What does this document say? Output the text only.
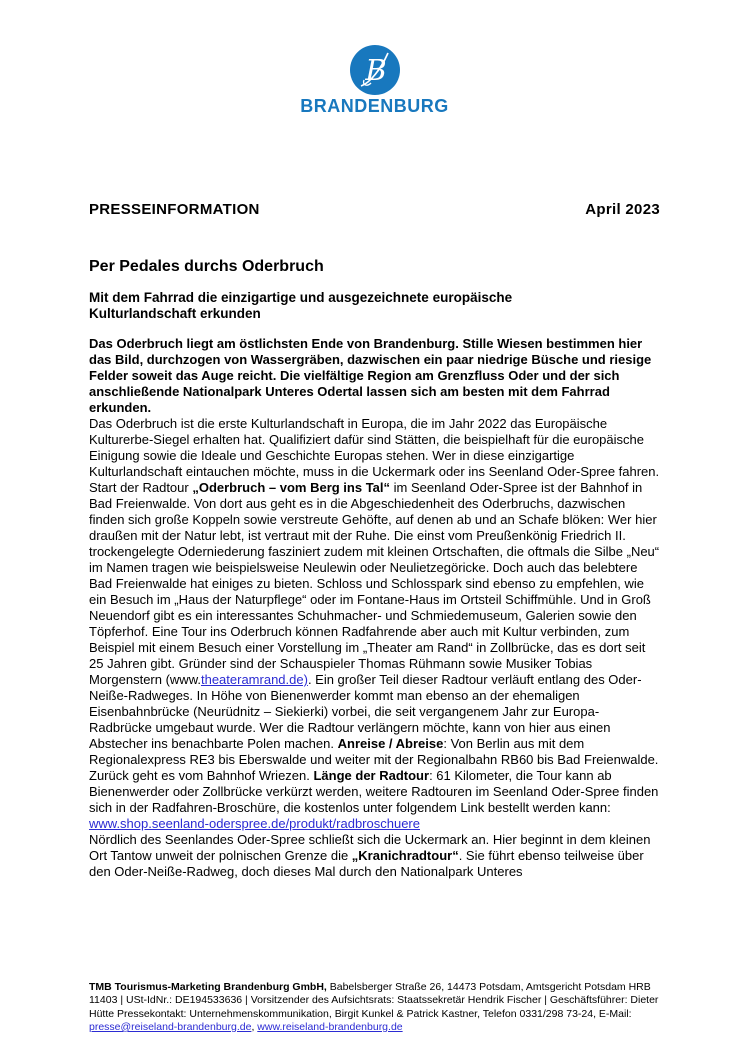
B
BRANDENBURG
PRESSEINFORMATION	April 2023
Per Pedales durchs Oderbruch
Mit dem Fahrrad die einzigartige und ausgezeichnete europäische Kulturlandschaft erkunden

Das Oderbruch liegt am östlichsten Ende von Brandenburg. Stille Wiesen bestimmen hier das Bild, durchzogen von Wassergräben, dazwischen ein paar niedrige Büsche und riesige Felder soweit das Auge reicht. Die vielfältige Region am Grenzfluss Oder und der sich anschließende Nationalpark Unteres Odertal lassen sich am besten mit dem Fahrrad erkunden.

Das Oderbruch ist die erste Kulturlandschaft in Europa, die im Jahr 2022 das Europäische Kulturerbe-Siegel erhalten hat. Qualifiziert dafür sind Stätten, die beispielhaft für die europäische Einigung sowie die Ideale und Geschichte Europas stehen. Wer in diese einzigartige Kulturlandschaft eintauchen möchte, muss in die Uckermark oder ins Seenland Oder-Spree fahren.

Start der Radtour „Oderbruch – vom Berg ins Tal“ im Seenland Oder-Spree ist der Bahnhof in Bad Freienwalde. Von dort aus geht es in die Abgeschiedenheit des Oderbruchs, dazwischen finden sich große Koppeln sowie verstreute Gehöfte, auf denen ab und an Schafe blöken: Wer hier draußen mit der Natur lebt, ist vertraut mit der Ruhe. Die einst vom Preußenkönig Friedrich II. trockengelegte Oderniederung fasziniert zudem mit kleinen Ortschaften, die oftmals die Silbe „Neu“ im Namen tragen wie beispielsweise Neulewin oder Neulietzegöricke. Doch auch das belebtere Bad Freienwalde hat einiges zu bieten. Schloss und Schlosspark sind ebenso zu empfehlen, wie ein Besuch im „Haus der Naturpflege“ oder im Fontane-Haus im Ortsteil Schiffmühle. Und in Groß Neuendorf gibt es ein interessantes Schuhmacher- und Schmiedemuseum, Galerien sowie den Töpferhof. Eine Tour ins Oderbruch können Radfahrende aber auch mit Kultur verbinden, zum Beispiel mit einem Besuch einer Vorstellung im „Theater am Rand“ in Zollbrücke, das es dort seit 25 Jahren gibt. Gründer sind der Schauspieler Thomas Rühmann sowie Musiker Tobias Morgenstern (www.theateramrand.de). Ein großer Teil dieser Radtour verläuft entlang des Oder-Neiße-Radweges. In Höhe von Bienenwerder kommt man ebenso an der ehemaligen Eisenbahnbrücke (Neurüdnitz – Siekierki) vorbei, die seit vergangenem Jahr zur Europa-Radbrücke umgebaut wurde. Wer die Radtour verlängern möchte, kann von hier aus einen Abstecher ins benachbarte Polen machen. Anreise / Abreise: Von Berlin aus mit dem Regionalexpress RE3 bis Eberswalde und weiter mit der Regionalbahn RB60 bis Bad Freienwalde. Zurück geht es vom Bahnhof Wriezen. Länge der Radtour: 61 Kilometer, die Tour kann ab Bienenwerder oder Zollbrücke verkürzt werden, weitere Radtouren im Seenland Oder-Spree finden sich in der Radfahren-Broschüre, die kostenlos unter folgendem Link bestellt werden kann: www.shop.seenland-oderspree.de/produkt/radbroschuere

Nördlich des Seenlandes Oder-Spree schließt sich die Uckermark an. Hier beginnt in dem kleinen Ort Tantow unweit der polnischen Grenze die „Kranichradtour“. Sie führt ebenso teilweise über den Oder-Neiße-Radweg, doch dieses Mal durch den Nationalpark Unteres

TMB Tourismus-Marketing Brandenburg GmbH, Babelsberger Straße 26, 14473 Potsdam, Amtsgericht Potsdam HRB 11403 | USt-IdNr.: DE194533636 | Vorsitzender des Aufsichtsrats: Staatssekretär Hendrik Fischer | Geschäftsführer: Dieter Hütte Pressekontakt: Unternehmenskommunikation, Birgit Kunkel & Patrick Kastner, Telefon 0331/298 73-24, E-Mail: presse@reiseland-brandenburg.de, www.reiseland-brandenburg.de
